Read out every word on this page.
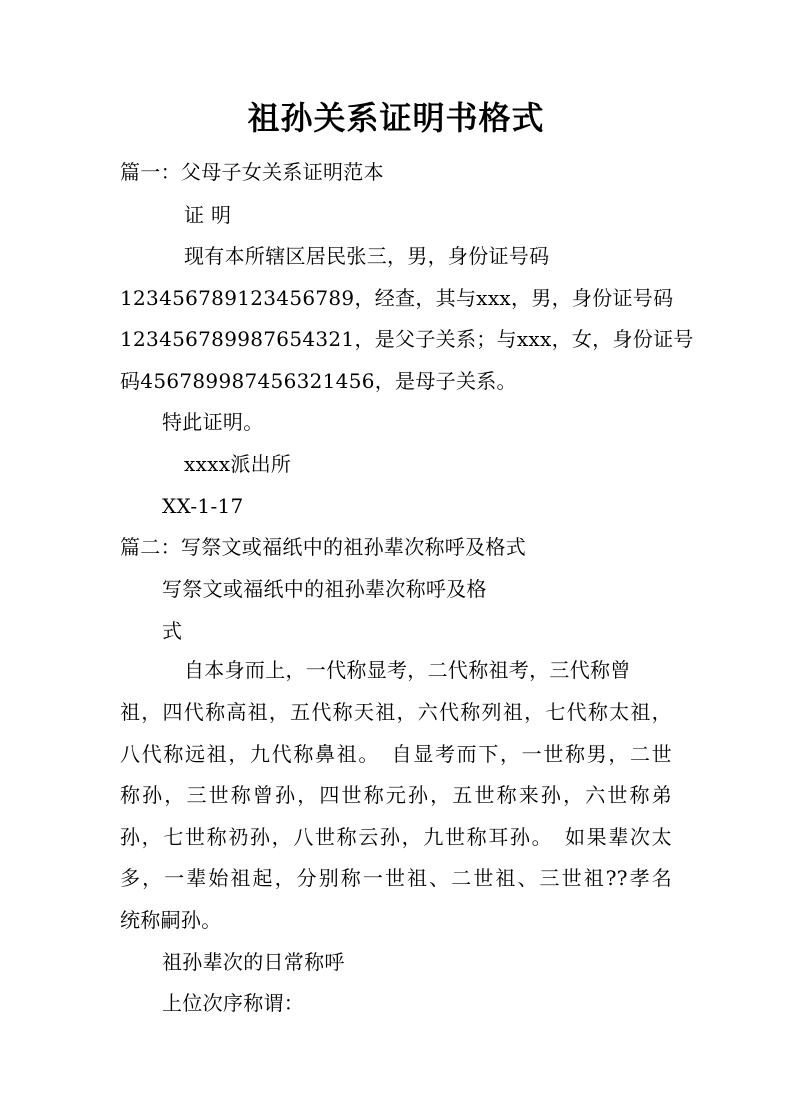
祖孙关系证明书格式
篇一：父母子女关系证明范本
证 明
现有本所辖区居民张三，男，身份证号码
123456789123456789，经查，其与xxx，男，身份证号码
123456789987654321，是父子关系；与xxx，女，身份证号
码456789987456321456，是母子关系。
特此证明。
xxxx派出所
XX-1-17
篇二：写祭文或福纸中的祖孙辈次称呼及格式
写祭文或福纸中的祖孙辈次称呼及格
式
自本身而上，一代称显考，二代称祖考，三代称曾
祖，四代称高祖，五代称天祖，六代称列祖，七代称太祖，
八代称远祖，九代称鼻祖。　自显考而下，一世称男，二世
称孙，三世称曾孙，四世称元孙，五世称来孙，六世称弟
孙，七世称礽孙，八世称云孙，九世称耳孙。　如果辈次太
多，一辈始祖起，分别称一世祖、二世祖、三世祖??孝名
统称嗣孙。
祖孙辈次的日常称呼
上位次序称谓：
